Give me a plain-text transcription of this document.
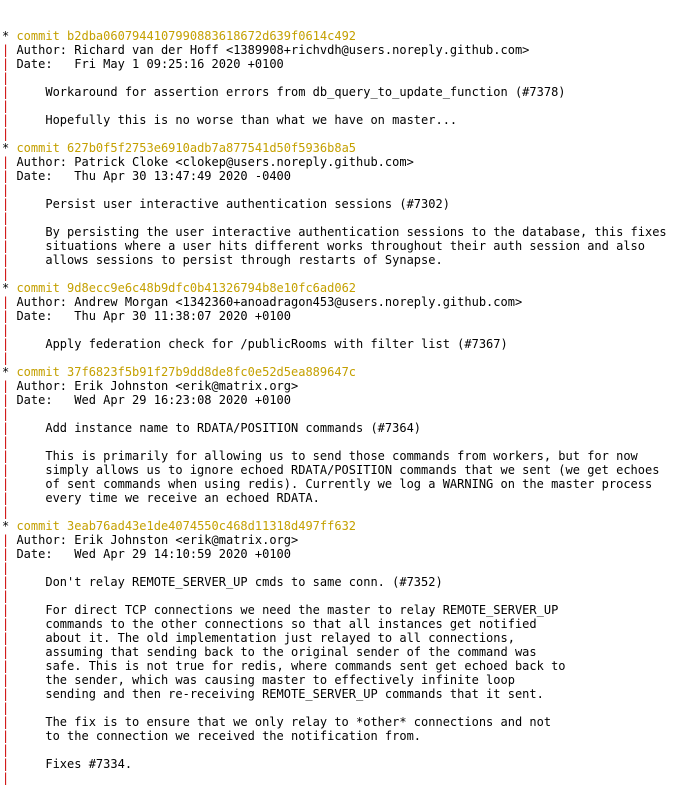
* commit b2dba0607944107990883618672d639f0614c492
| Author: Richard van der Hoff <1389908+richvdh@users.noreply.github.com>
| Date:   Fri May 1 09:25:16 2020 +0100
|
| Workaround for assertion errors from db_query_to_update_function (#7378)
|
| Hopefully this is no worse than what we have on master...
|
* commit 627b0f5f2753e6910adb7a877541d50f5936b8a5
| Author: Patrick Cloke <clokep@users.noreply.github.com>
| Date:   Thu Apr 30 13:47:49 2020 -0400
|
| Persist user interactive authentication sessions (#7302)
|
| By persisting the user interactive authentication sessions to the database, this fixes
| situations where a user hits different works throughout their auth session and also
| allows sessions to persist through restarts of Synapse.
|
* commit 9d8ecc9e6c48b9dfc0b41326794b8e10fc6ad062
| Author: Andrew Morgan <1342360+anoadragon453@users.noreply.github.com>
| Date:   Thu Apr 30 11:38:07 2020 +0100
|
| Apply federation check for /publicRooms with filter list (#7367)
|
* commit 37f6823f5b91f27b9dd8de8fc0e52d5ea889647c
| Author: Erik Johnston <erik@matrix.org>
| Date:   Wed Apr 29 16:23:08 2020 +0100
|
| Add instance name to RDATA/POSITION commands (#7364)
|
| This is primarily for allowing us to send those commands from workers, but for now
| simply allows us to ignore echoed RDATA/POSITION commands that we sent (we get echoes
| of sent commands when using redis). Currently we log a WARNING on the master process
| every time we receive an echoed RDATA.
|
* commit 3eab76ad43e1de4074550c468d11318d497ff632
| Author: Erik Johnston <erik@matrix.org>
| Date:   Wed Apr 29 14:10:59 2020 +0100
|
| Don't relay REMOTE_SERVER_UP cmds to same conn. (#7352)
|
| For direct TCP connections we need the master to relay REMOTE_SERVER_UP
| commands to the other connections so that all instances get notified
| about it. The old implementation just relayed to all connections,
| assuming that sending back to the original sender of the command was
| safe. This is not true for redis, where commands sent get echoed back to
| the sender, which was causing master to effectively infinite loop
| sending and then re-receiving REMOTE_SERVER_UP commands that it sent.
|
| The fix is to ensure that we only relay to *other* connections and not
| to the connection we received the notification from.
|
| Fixes #7334.
|
